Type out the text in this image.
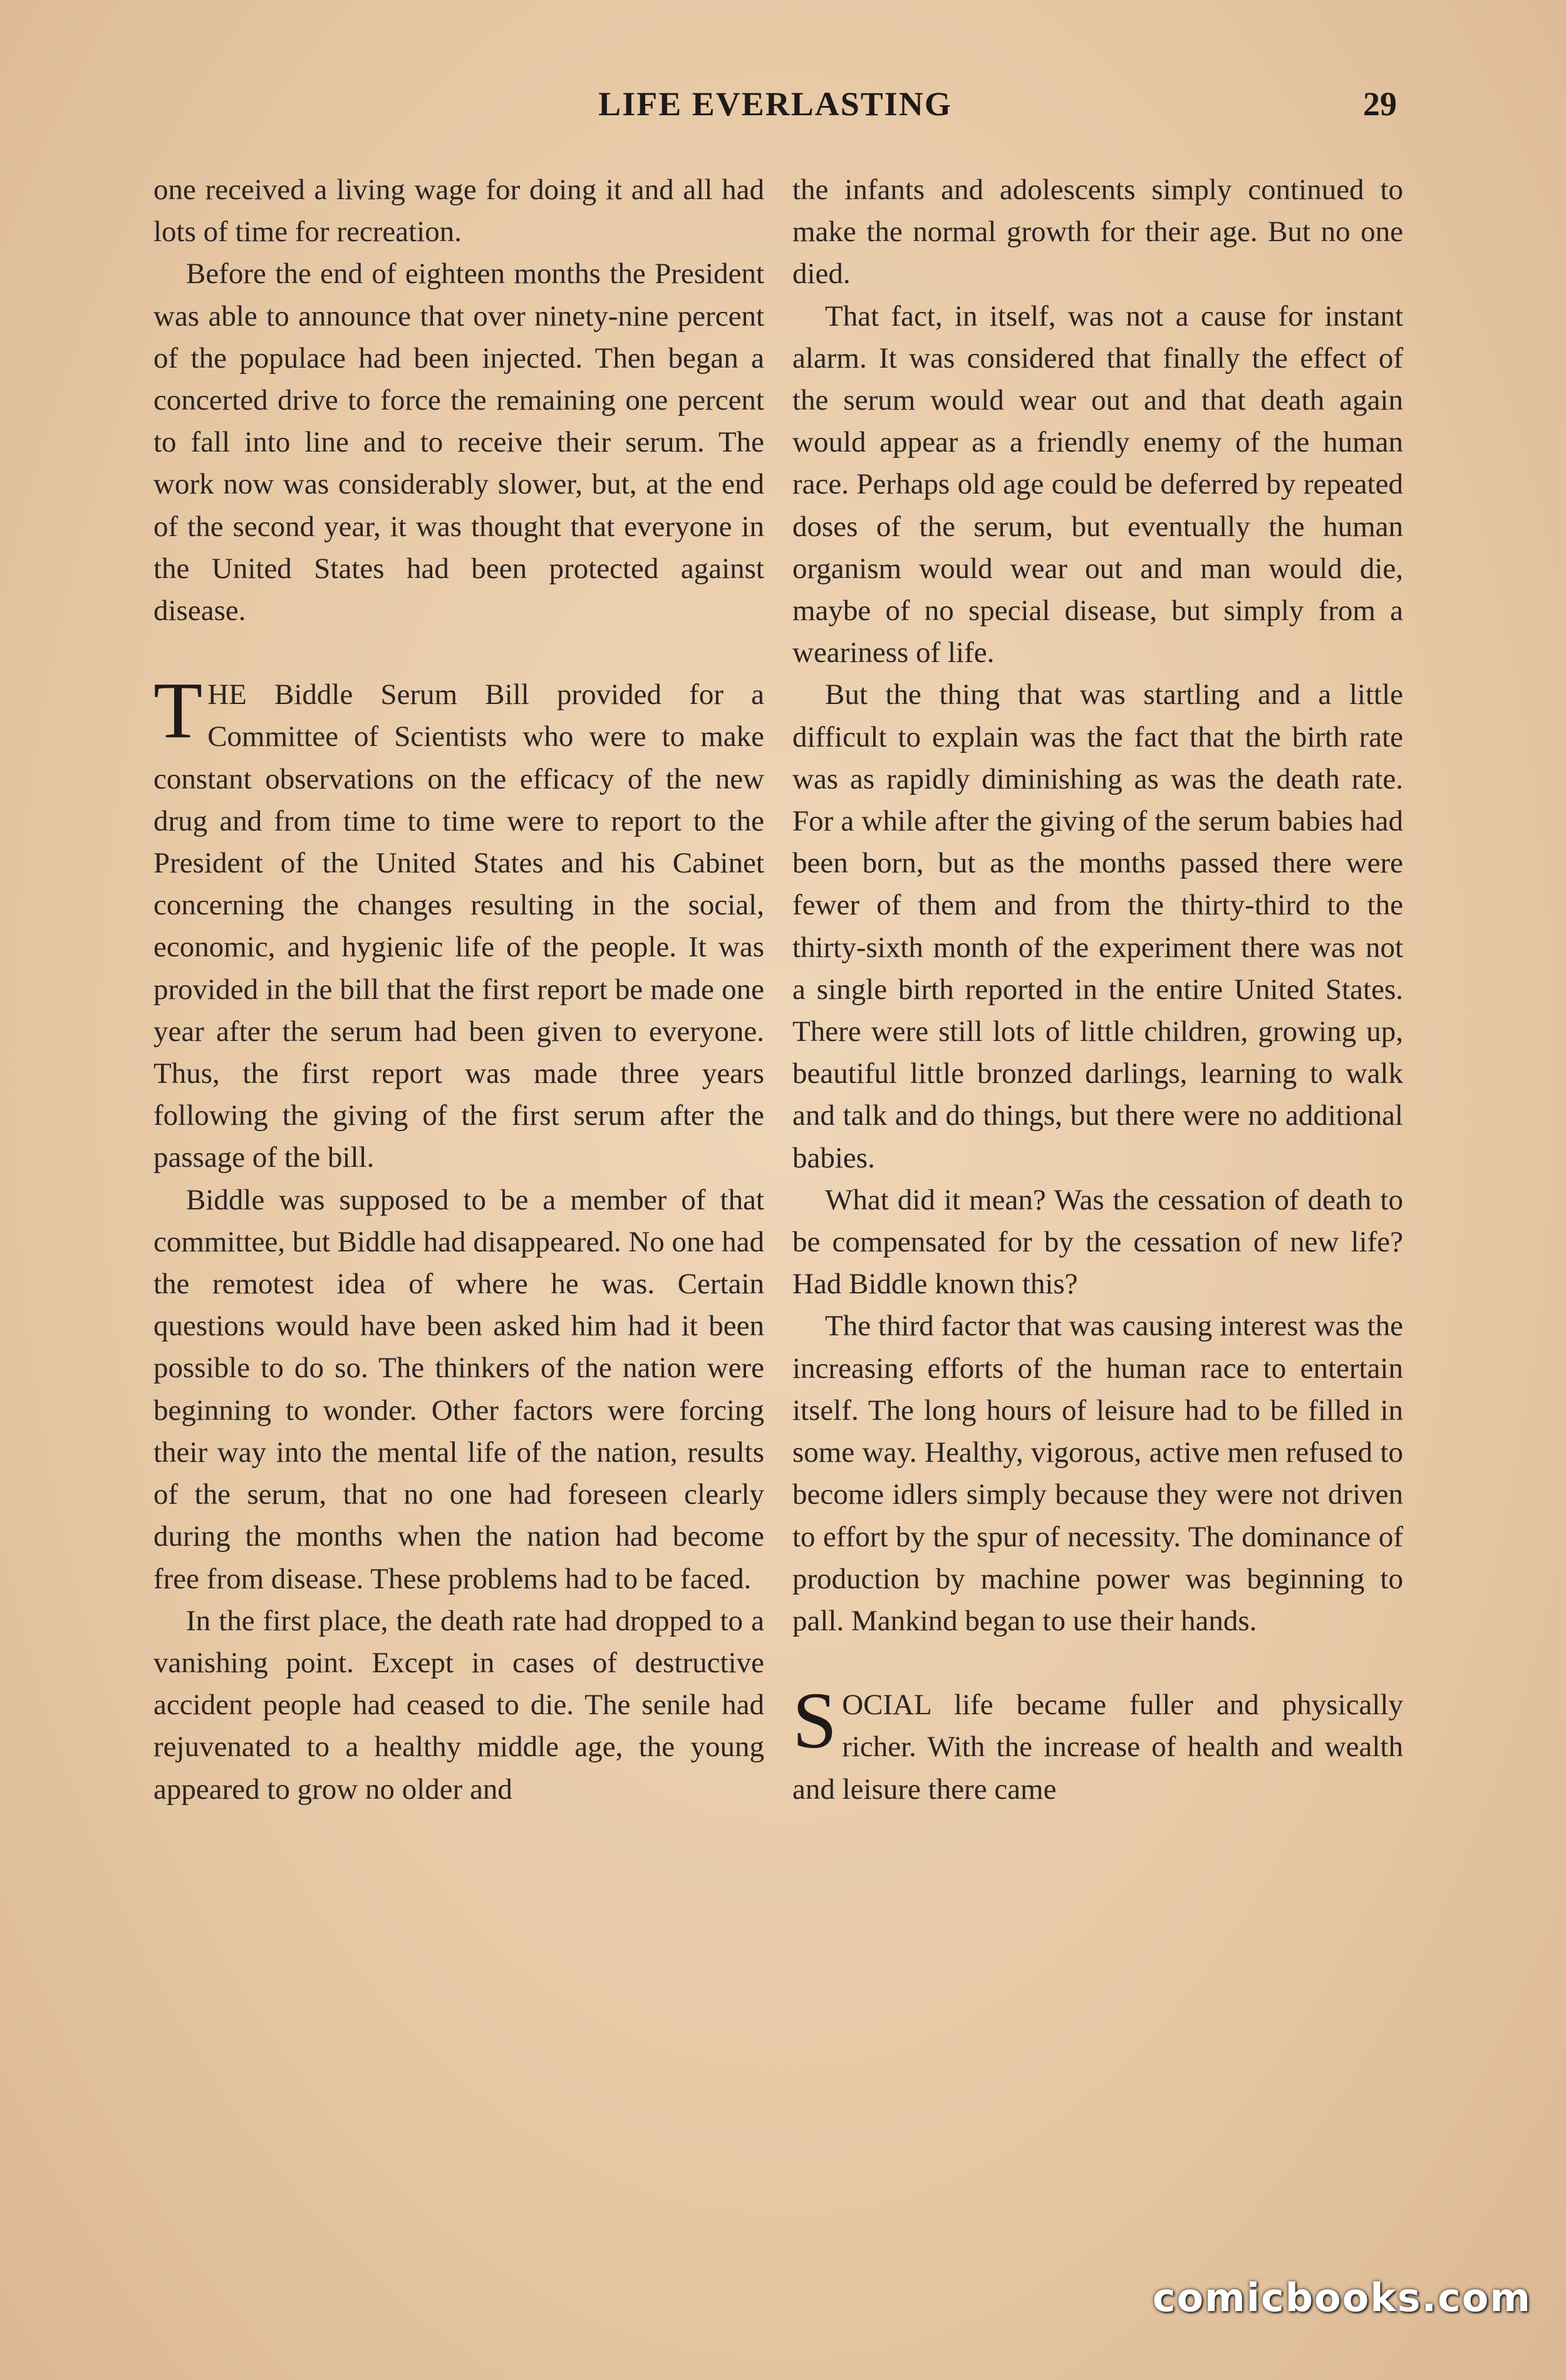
LIFE EVERLASTING	29

one received a living wage for doing it and all had lots of time for recreation.

Before the end of eighteen months the President was able to announce that over ninety-nine percent of the populace had been injected. Then began a concerted drive to force the remaining one percent to fall into line and to receive their serum. The work now was considerably slower, but, at the end of the second year, it was thought that everyone in the United States had been protected against disease.

THE Biddle Serum Bill provided for a Committee of Scientists who were to make constant observations on the efficacy of the new drug and from time to time were to report to the President of the United States and his Cabinet concerning the changes resulting in the social, economic, and hygienic life of the people. It was provided in the bill that the first report be made one year after the serum had been given to everyone. Thus, the first report was made three years following the giving of the first serum after the passage of the bill.

Biddle was supposed to be a member of that committee, but Biddle had disappeared. No one had the remotest idea of where he was. Certain questions would have been asked him had it been possible to do so. The thinkers of the nation were beginning to wonder. Other factors were forcing their way into the mental life of the nation, results of the serum, that no one had foreseen clearly during the months when the nation had become free from disease. These problems had to be faced.

In the first place, the death rate had dropped to a vanishing point. Except in cases of destructive accident people had ceased to die. The senile had rejuvenated to a healthy middle age, the young appeared to grow no older and

the infants and adolescents simply continued to make the normal growth for their age. But no one died.

That fact, in itself, was not a cause for instant alarm. It was considered that finally the effect of the serum would wear out and that death again would appear as a friendly enemy of the human race. Perhaps old age could be deferred by repeated doses of the serum, but eventually the human organism would wear out and man would die, maybe of no special disease, but simply from a weariness of life.

But the thing that was startling and a little difficult to explain was the fact that the birth rate was as rapidly diminishing as was the death rate. For a while after the giving of the serum babies had been born, but as the months passed there were fewer of them and from the thirty-third to the thirty-sixth month of the experiment there was not a single birth reported in the entire United States. There were still lots of little children, growing up, beautiful little bronzed darlings, learning to walk and talk and do things, but there were no additional babies.

What did it mean? Was the cessation of death to be compensated for by the cessation of new life? Had Biddle known this?

The third factor that was causing interest was the increasing efforts of the human race to entertain itself. The long hours of leisure had to be filled in some way. Healthy, vigorous, active men refused to become idlers simply because they were not driven to effort by the spur of necessity. The dominance of production by machine power was beginning to pall. Mankind began to use their hands.

SOCIAL life became fuller and physically richer. With the increase of health and wealth and leisure there came

comicbooks.com
